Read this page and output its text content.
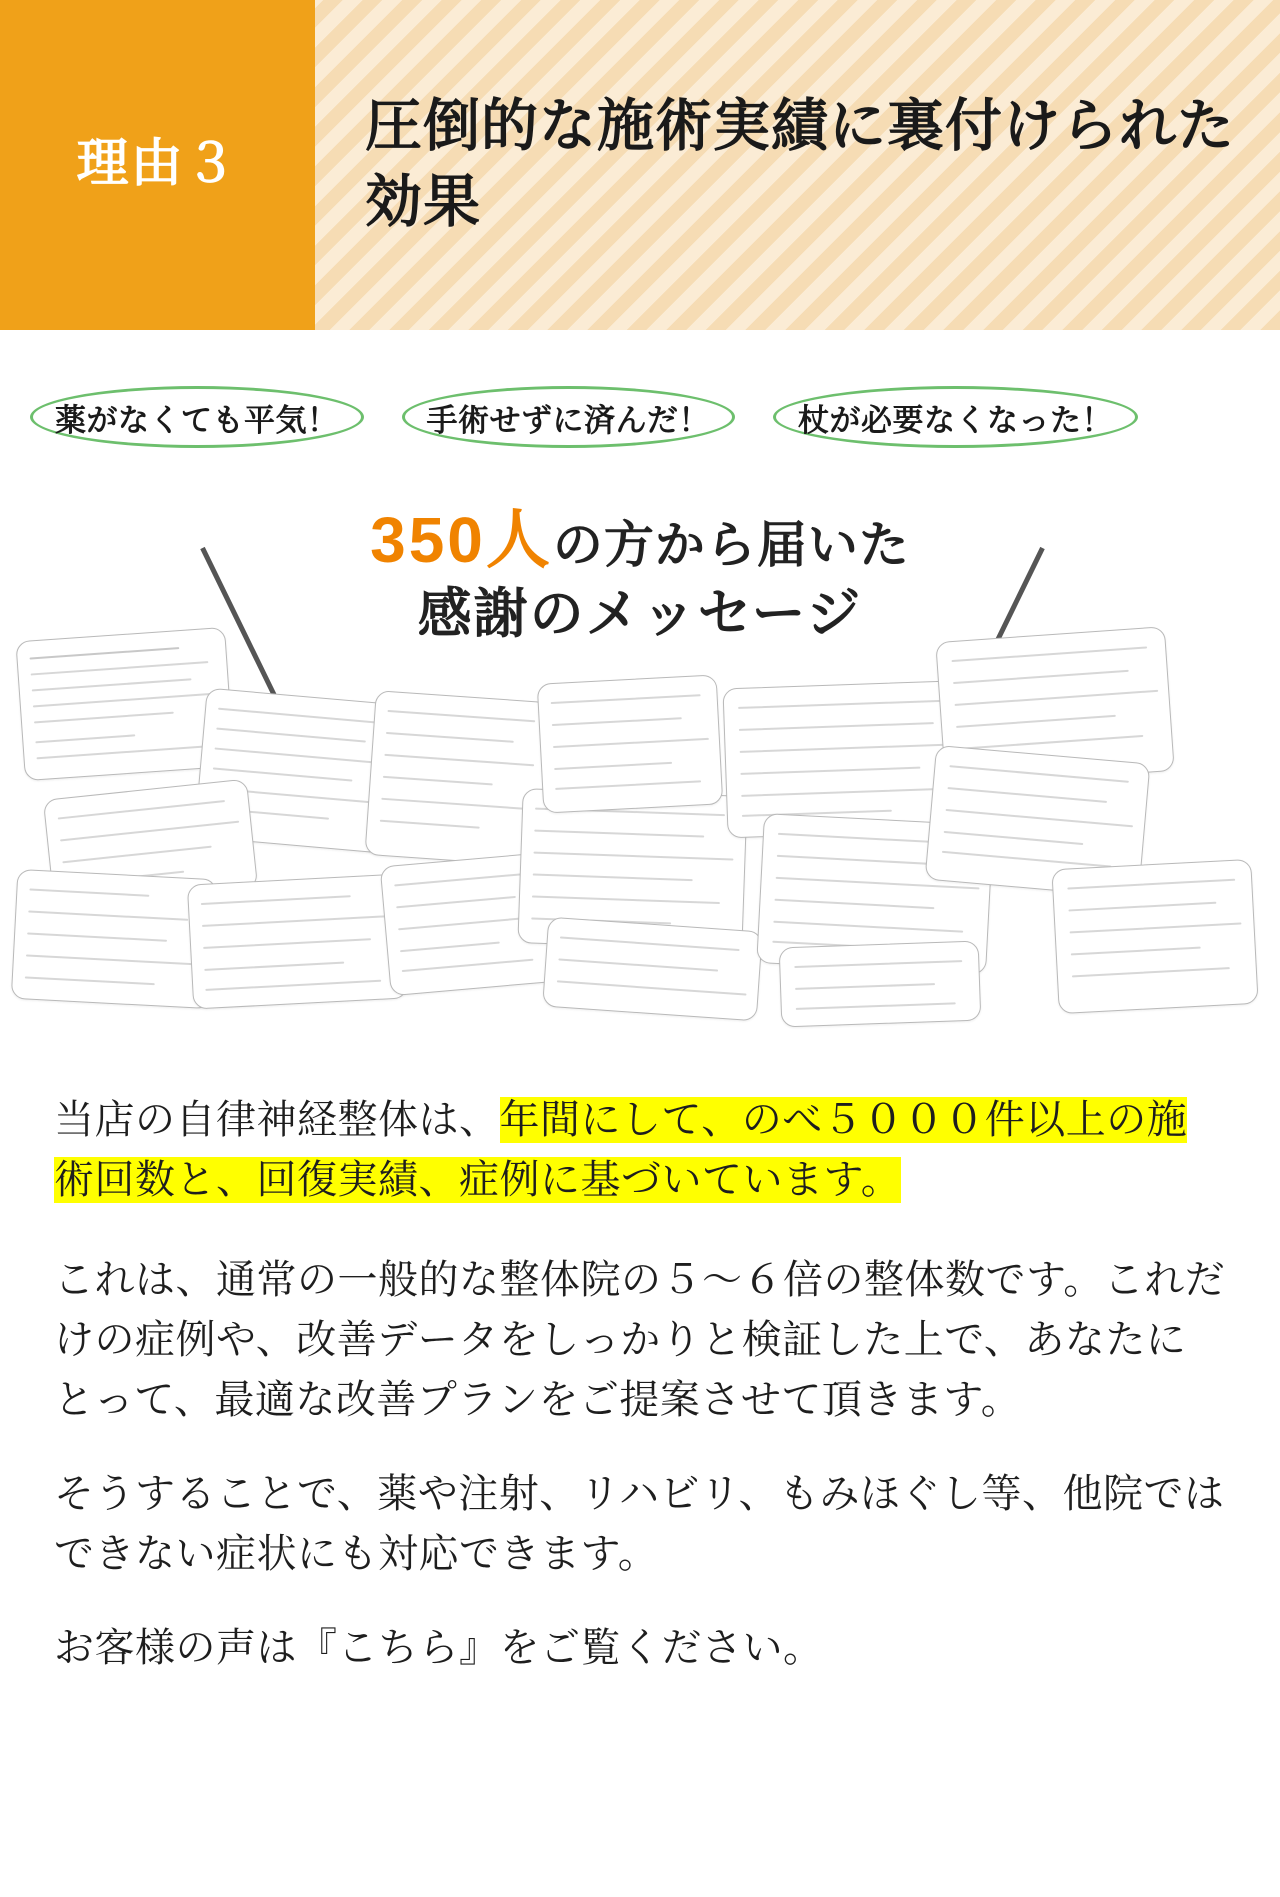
理由３
圧倒的な施術実績に裏付けられた効果
薬がなくても平気！	手術せずに済んだ！	杖が必要なくなった！
350人の方から届いた
感謝のメッセージ

当店の自律神経整体は、年間にして、のべ５０００件以上の施術回数と、回復実績、症例に基づいています。

これは、通常の一般的な整体院の５〜６倍の整体数です。これだけの症例や、改善データをしっかりと検証した上で、あなたにとって、最適な改善プランをご提案させて頂きます。

そうすることで、薬や注射、リハビリ、もみほぐし等、他院ではできない症状にも対応できます。

お客様の声は『こちら』をご覧ください。
